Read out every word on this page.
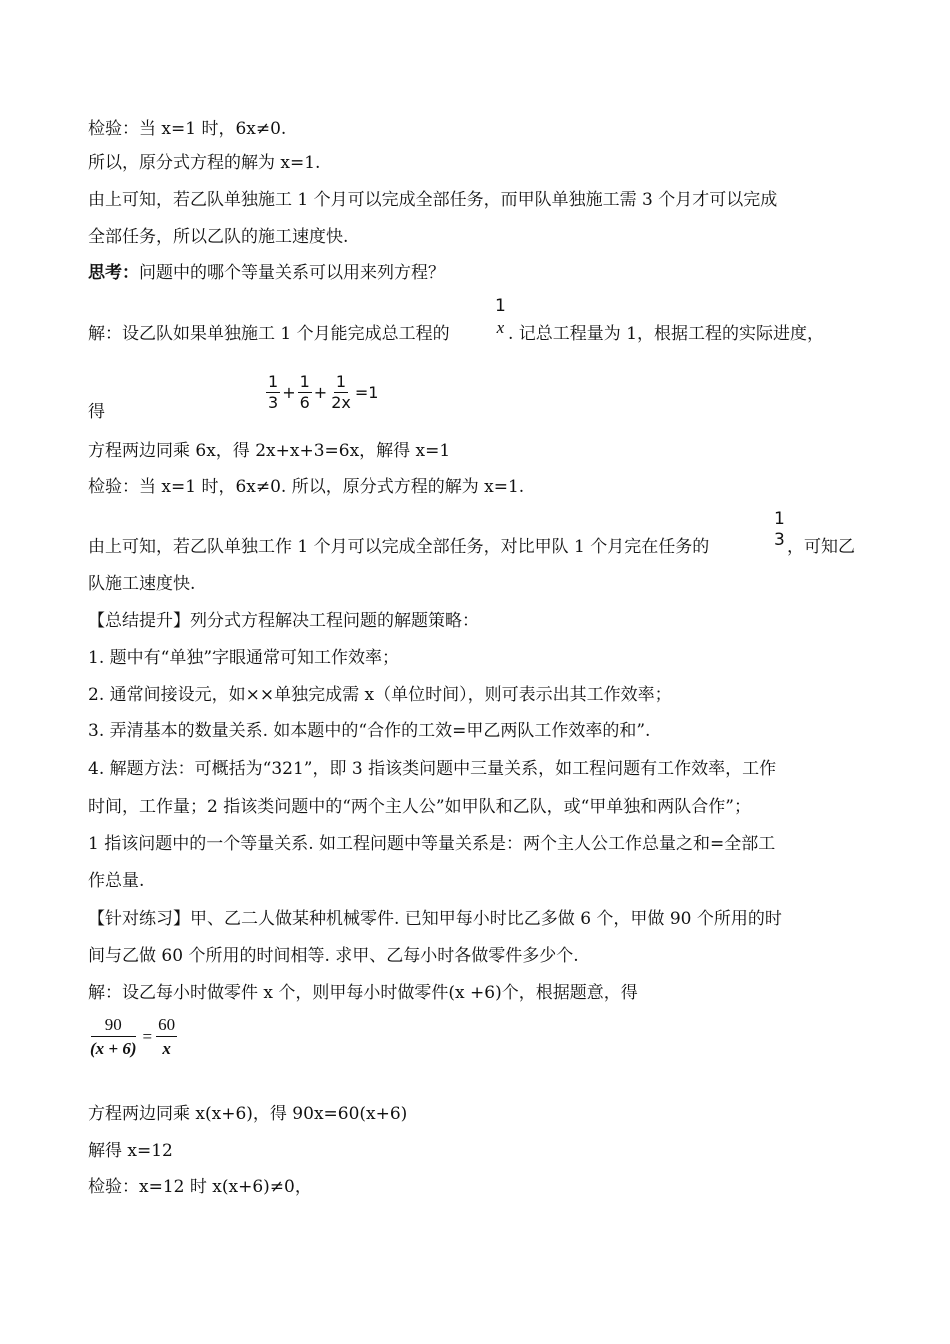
检验：当 x=1 时，6x≠0.
所以，原分式方程的解为 x=1.
由上可知，若乙队单独施工 1 个月可以完成全部任务，而甲队单独施工需 3 个月才可以完成
全部任务，所以乙队的施工速度快.
思考：问题中的哪个等量关系可以用来列方程？
解：设乙队如果单独施工 1 个月能完成总工程的
1
x . 记总工程量为 1，根据工程的实际进度，
得
$\frac{1}{3} + \frac{1}{6} + \frac{1}{2x} =1$
方程两边同乘 6x，得 2x+x+3=6x，解得 x=1
检验：当 x=1 时，6x≠0. 所以，原分式方程的解为 x=1.
由上可知，若乙队单独工作 1 个月可以完成全部任务，对比甲队 1 个月完在任务的
1
3 ，可知乙
队施工速度快.
【总结提升】列分式方程解决工程问题的解题策略：
1. 题中有“单独”字眼通常可知工作效率；
2. 通常间接设元，如××单独完成需 x（单位时间），则可表示出其工作效率；
3. 弄清基本的数量关系. 如本题中的“合作的工效=甲乙两队工作效率的和”.
4. 解题方法：可概括为“321”，即 3 指该类问题中三量关系，如工程问题有工作效率，工作
时间，工作量；2 指该类问题中的“两个主人公”如甲队和乙队，或“甲单独和两队合作”；
1 指该问题中的一个等量关系. 如工程问题中等量关系是：两个主人公工作总量之和=全部工
作总量.
【针对练习】甲、乙二人做某种机械零件. 已知甲每小时比乙多做 6 个，甲做 90 个所用的时
间与乙做 60 个所用的时间相等. 求甲、乙每小时各做零件多少个.
解：设乙每小时做零件 x 个，则甲每小时做零件(x +6)个，根据题意，得
$\frac{90}{(x + 6)} = \frac{60}{x}$
方程两边同乘 x(x+6)，得 90x=60(x+6)
解得 x=12
检验：x=12 时 x(x+6)≠0，
